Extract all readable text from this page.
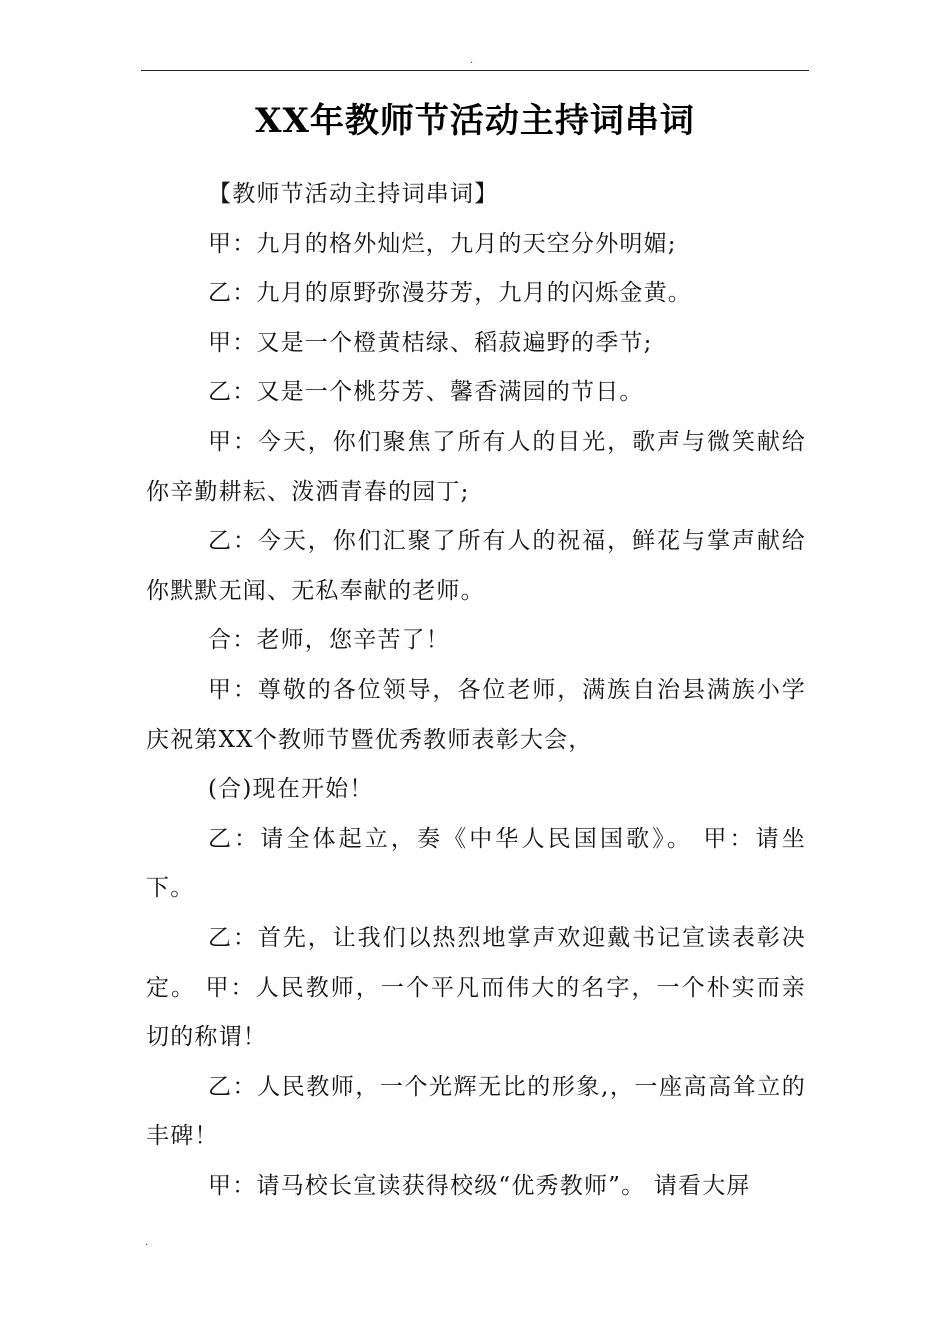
.
XX年教师节活动主持词串词

【教师节活动主持词串词】

甲：九月的格外灿烂，九月的天空分外明媚;

乙：九月的原野弥漫芬芳，九月的闪烁金黄。

甲：又是一个橙黄桔绿、稻菽遍野的季节;

乙：又是一个桃芬芳、馨香满园的节日。

甲：今天，你们聚焦了所有人的目光，歌声与微笑献给你辛勤耕耘、泼洒青春的园丁;

乙：今天，你们汇聚了所有人的祝福，鲜花与掌声献给你默默无闻、无私奉献的老师。

合：老师，您辛苦了！

甲：尊敬的各位领导，各位老师，满族自治县满族小学庆祝第XX个教师节暨优秀教师表彰大会，

(合)现在开始！

乙：请全体起立，奏《中华人民国国歌》。 甲：请坐下。

乙：首先，让我们以热烈地掌声欢迎戴书记宣读表彰决定。 甲：人民教师，一个平凡而伟大的名字，一个朴实而亲切的称谓！

乙：人民教师，一个光辉无比的形象,，一座高高耸立的丰碑！

甲：请马校长宣读获得校级“优秀教师”。 请看大屏

.
